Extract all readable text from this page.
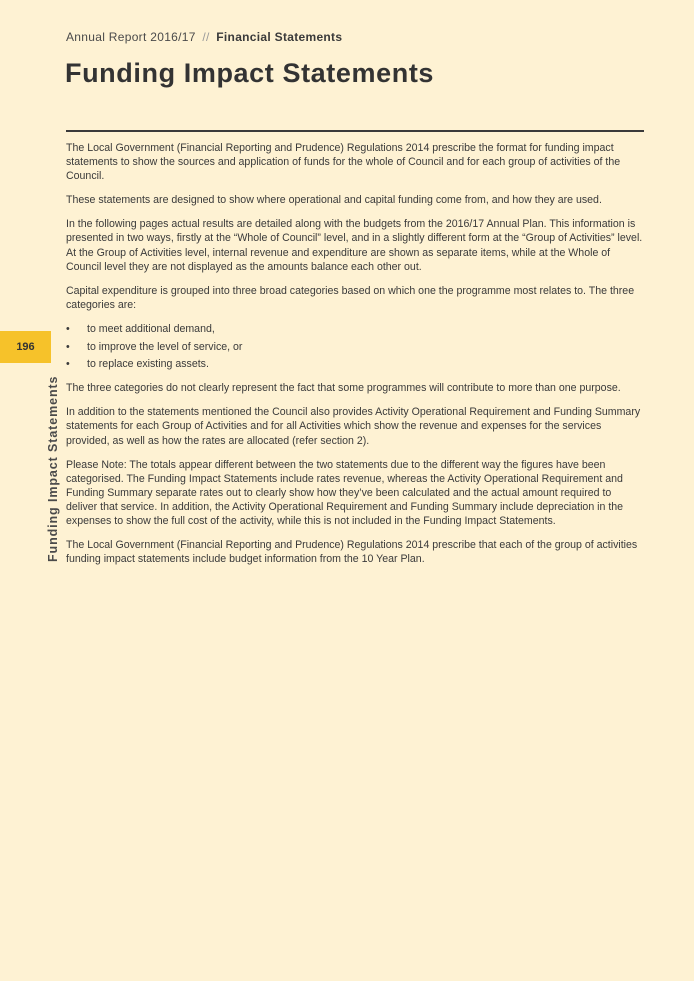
Annual Report 2016/17 // Financial Statements
Funding Impact Statements
196
Funding Impact Statements

The Local Government (Financial Reporting and Prudence) Regulations 2014 prescribe the format for funding impact statements to show the sources and application of funds for the whole of Council and for each group of activities of the Council.

These statements are designed to show where operational and capital funding come from, and how they are used.

In the following pages actual results are detailed along with the budgets from the 2016/17 Annual Plan. This information is presented in two ways, firstly at the “Whole of Council” level, and in a slightly different form at the “Group of Activities” level. At the Group of Activities level, internal revenue and expenditure are shown as separate items, while at the Whole of Council level they are not displayed as the amounts balance each other out.

Capital expenditure is grouped into three broad categories based on which one the programme most relates to. The three categories are:

• to meet additional demand,
• to improve the level of service, or
• to replace existing assets.

The three categories do not clearly represent the fact that some programmes will contribute to more than one purpose.

In addition to the statements mentioned the Council also provides Activity Operational Requirement and Funding Summary statements for each Group of Activities and for all Activities which show the revenue and expenses for the services provided, as well as how the rates are allocated (refer section 2).

Please Note: The totals appear different between the two statements due to the different way the figures have been categorised. The Funding Impact Statements include rates revenue, whereas the Activity Operational Requirement and Funding Summary separate rates out to clearly show how they’ve been calculated and the actual amount required to deliver that service. In addition, the Activity Operational Requirement and Funding Summary include depreciation in the expenses to show the full cost of the activity, while this is not included in the Funding Impact Statements.

The Local Government (Financial Reporting and Prudence) Regulations 2014 prescribe that each of the group of activities funding impact statements include budget information from the 10 Year Plan.
